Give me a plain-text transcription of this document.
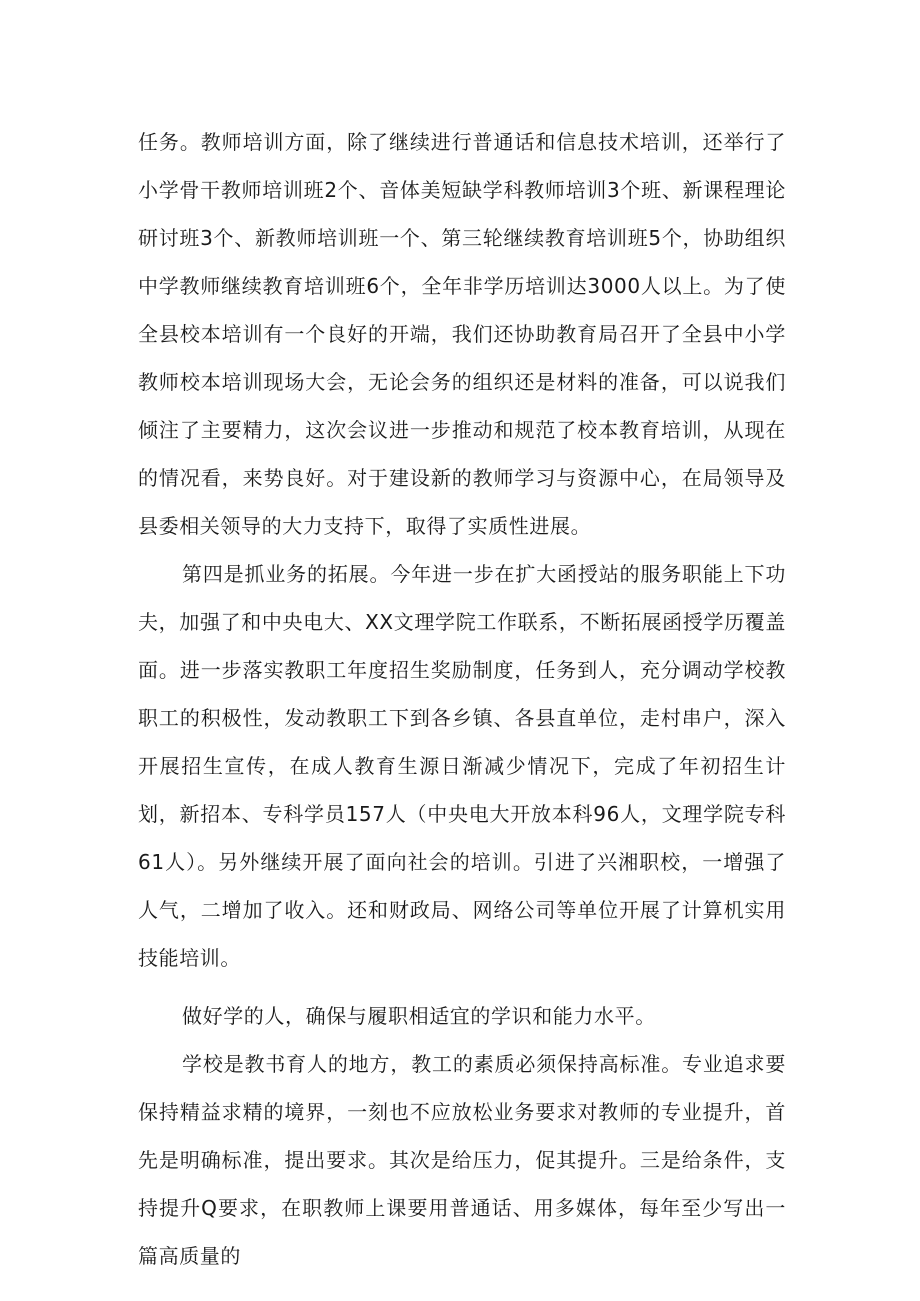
任务。教师培训方面，除了继续进行普通话和信息技术培训，还举行了小学骨干教师培训班2个、音体美短缺学科教师培训3个班、新课程理论研讨班3个、新教师培训班一个、第三轮继续教育培训班5个，协助组织中学教师继续教育培训班6个，全年非学历培训达3000人以上。为了使全县校本培训有一个良好的开端，我们还协助教育局召开了全县中小学教师校本培训现场大会，无论会务的组织还是材料的准备，可以说我们倾注了主要精力，这次会议进一步推动和规范了校本教育培训，从现在的情况看，来势良好。对于建设新的教师学习与资源中心，在局领导及县委相关领导的大力支持下，取得了实质性进展。

第四是抓业务的拓展。今年进一步在扩大函授站的服务职能上下功夫，加强了和中央电大、XX文理学院工作联系，不断拓展函授学历覆盖面。进一步落实教职工年度招生奖励制度，任务到人，充分调动学校教职工的积极性，发动教职工下到各乡镇、各县直单位，走村串户，深入开展招生宣传，在成人教育生源日渐减少情况下，完成了年初招生计划，新招本、专科学员157人（中央电大开放本科96人，文理学院专科61人）。另外继续开展了面向社会的培训。引进了兴湘职校，一增强了人气，二增加了收入。还和财政局、网络公司等单位开展了计算机实用技能培训。

做好学的人，确保与履职相适宜的学识和能力水平。

学校是教书育人的地方，教工的素质必须保持高标准。专业追求要保持精益求精的境界，一刻也不应放松业务要求对教师的专业提升，首先是明确标准，提出要求。其次是给压力，促其提升。三是给条件，支持提升Q要求，在职教师上课要用普通话、用多媒体，每年至少写出一篇高质量的
